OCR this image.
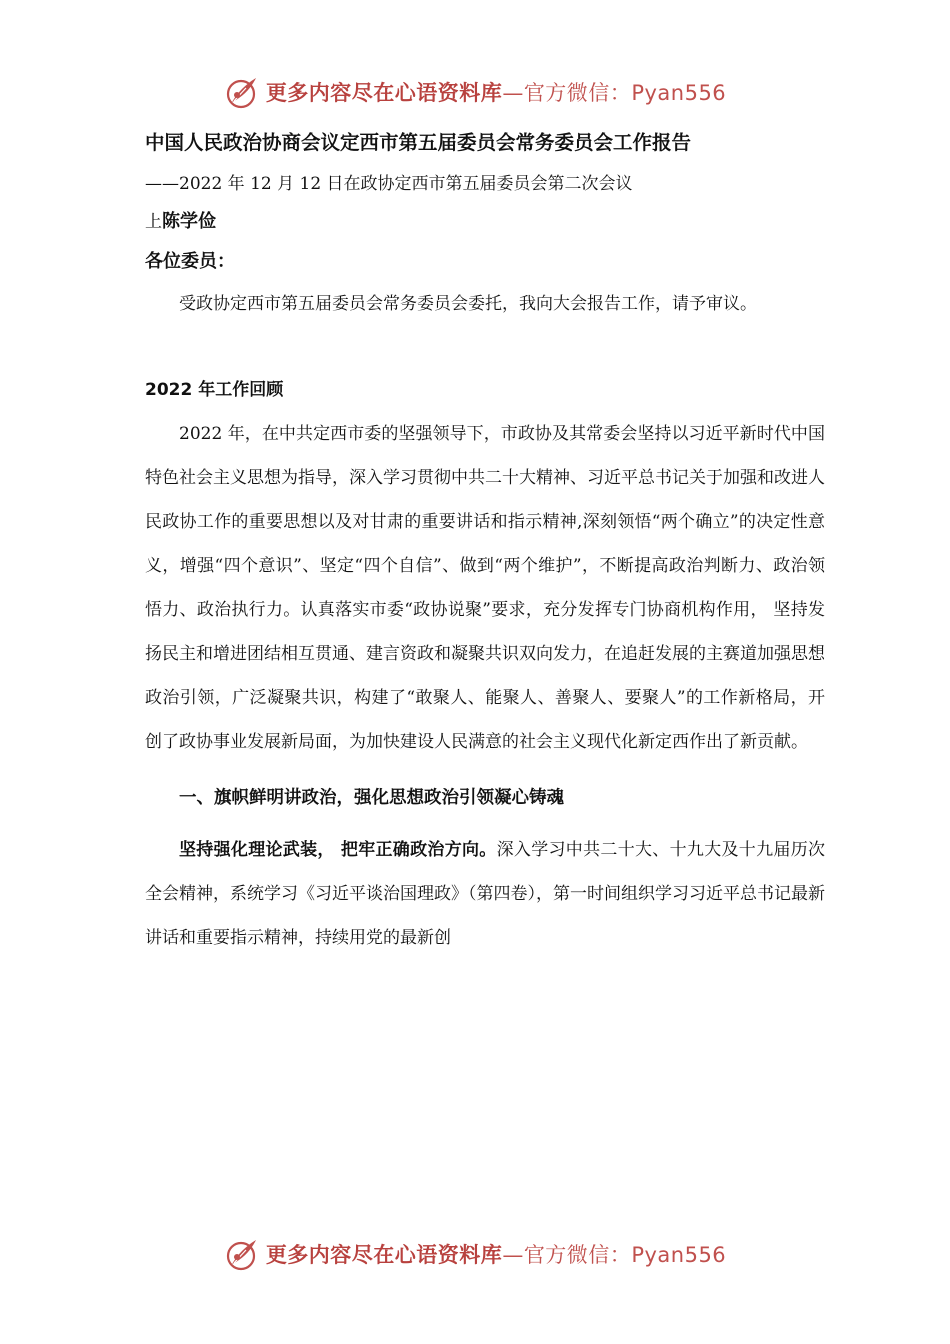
更多内容尽在心语资料库—官方微信：Pyan556

中国人民政治协商会议定西市第五届委员会常务委员会工作报告

——2022 年 12 月 12 日在政协定西市第五届委员会第二次会议

上陈学俭

各位委员：

受政协定西市第五届委员会常务委员会委托，我向大会报告工作，请予审议。

2022 年工作回顾

2022 年，在中共定西市委的坚强领导下，市政协及其常委会坚持以习近平新时代中国特色社会主义思想为指导，深入学习贯彻中共二十大精神、习近平总书记关于加强和改进人民政协工作的重要思想以及对甘肃的重要讲话和指示精神,深刻领悟“两个确立”的决定性意义，增强“四个意识”、坚定“四个自信”、做到“两个维护”，不断提高政治判断力、政治领悟力、政治执行力。认真落实市委“政协说聚”要求，充分发挥专门协商机构作用， 坚持发扬民主和增进团结相互贯通、建言资政和凝聚共识双向发力，在追赶发展的主赛道加强思想政治引领，广泛凝聚共识，构建了“敢聚人、能聚人、善聚人、要聚人”的工作新格局，开创了政协事业发展新局面，为加快建设人民满意的社会主义现代化新定西作出了新贡献。

一、旗帜鲜明讲政治，强化思想政治引领凝心铸魂

坚持强化理论武装， 把牢正确政治方向。深入学习中共二十大、十九大及十九届历次全会精神，系统学习《习近平谈治国理政》（第四卷），第一时间组织学习习近平总书记最新讲话和重要指示精神，持续用党的最新创

更多内容尽在心语资料库—官方微信：Pyan556
